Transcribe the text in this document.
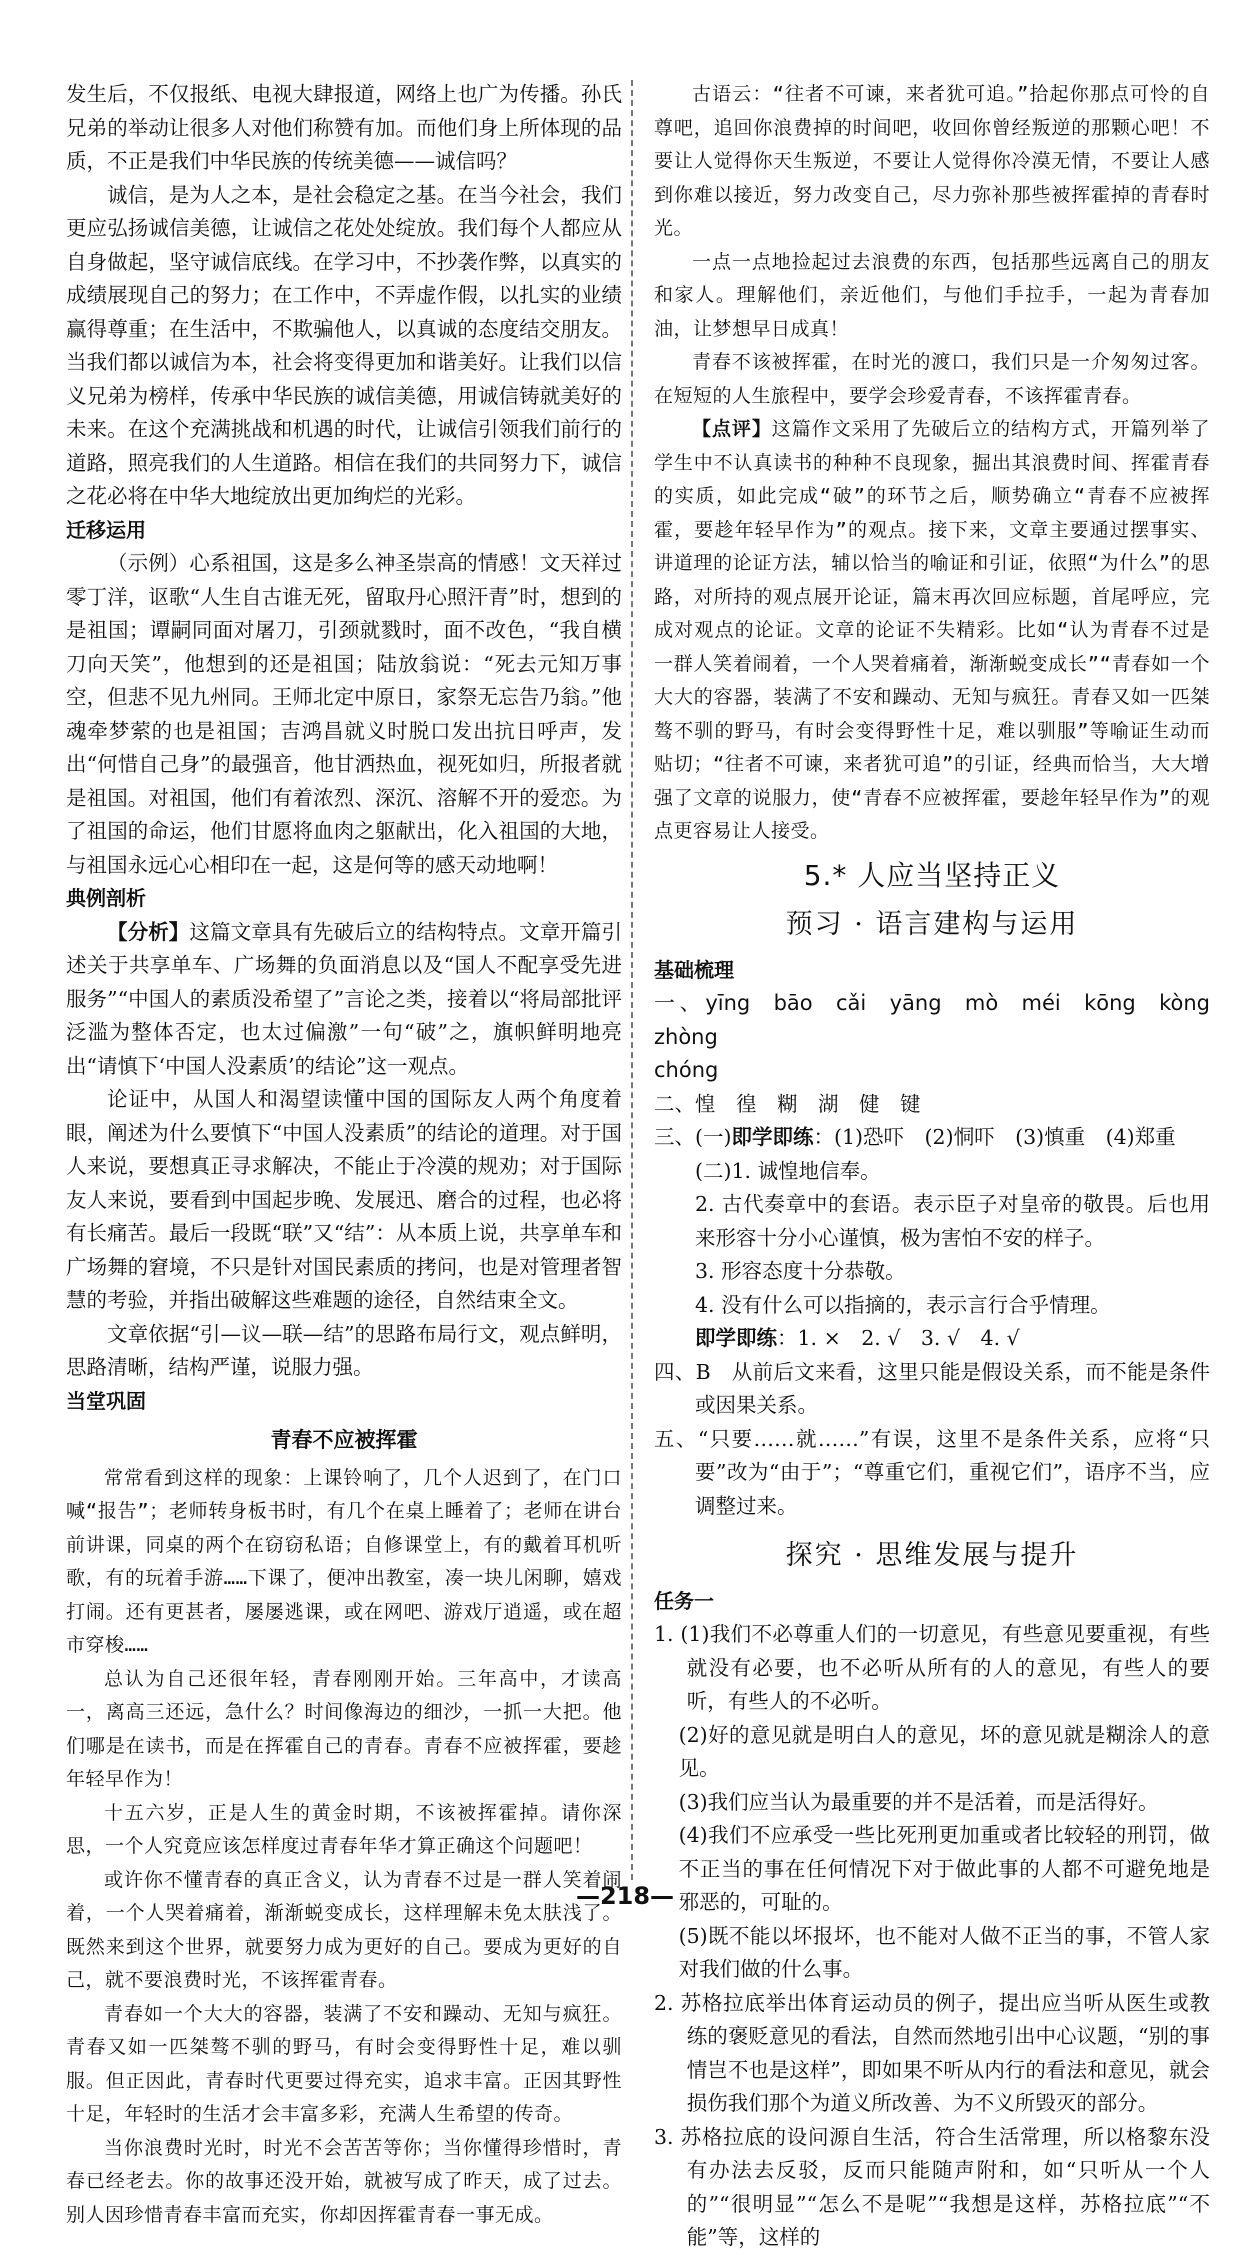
发生后，不仅报纸、电视大肆报道，网络上也广为传播。孙氏兄弟的举动让很多人对他们称赞有加。而他们身上所体现的品质，不正是我们中华民族的传统美德——诚信吗？

诚信，是为人之本，是社会稳定之基。在当今社会，我们更应弘扬诚信美德，让诚信之花处处绽放。我们每个人都应从自身做起，坚守诚信底线。在学习中，不抄袭作弊，以真实的成绩展现自己的努力；在工作中，不弄虚作假，以扎实的业绩赢得尊重；在生活中，不欺骗他人，以真诚的态度结交朋友。当我们都以诚信为本，社会将变得更加和谐美好。让我们以信义兄弟为榜样，传承中华民族的诚信美德，用诚信铸就美好的未来。在这个充满挑战和机遇的时代，让诚信引领我们前行的道路，照亮我们的人生道路。相信在我们的共同努力下，诚信之花必将在中华大地绽放出更加绚烂的光彩。

迁移运用

（示例）心系祖国，这是多么神圣崇高的情感！文天祥过零丁洋，讴歌“人生自古谁无死，留取丹心照汗青”时，想到的是祖国；谭嗣同面对屠刀，引颈就戮时，面不改色，“我自横刀向天笑”，他想到的还是祖国；陆放翁说：“死去元知万事空，但悲不见九州同。王师北定中原日，家祭无忘告乃翁。”他魂牵梦萦的也是祖国；吉鸿昌就义时脱口发出抗日呼声，发出“何惜自己身”的最强音，他甘洒热血，视死如归，所报者就是祖国。对祖国，他们有着浓烈、深沉、溶解不开的爱恋。为了祖国的命运，他们甘愿将血肉之躯献出，化入祖国的大地，与祖国永远心心相印在一起，这是何等的感天动地啊！

典例剖析

【分析】这篇文章具有先破后立的结构特点。文章开篇引述关于共享单车、广场舞的负面消息以及“国人不配享受先进服务”“中国人的素质没希望了”言论之类，接着以“将局部批评泛滥为整体否定，也太过偏激”一句“破”之，旗帜鲜明地亮出“请慎下‘中国人没素质’的结论”这一观点。

论证中，从国人和渴望读懂中国的国际友人两个角度着眼，阐述为什么要慎下“中国人没素质”的结论的道理。对于国人来说，要想真正寻求解决，不能止于冷漠的规劝；对于国际友人来说，要看到中国起步晚、发展迅、磨合的过程，也必将有长痛苦。最后一段既“联”又“结”：从本质上说，共享单车和广场舞的窘境，不只是针对国民素质的拷问，也是对管理者智慧的考验，并指出破解这些难题的途径，自然结束全文。

文章依据“引—议—联—结”的思路布局行文，观点鲜明，思路清晰，结构严谨，说服力强。

当堂巩固

青春不应被挥霍

常常看到这样的现象：上课铃响了，几个人迟到了，在门口喊“报告”；老师转身板书时，有几个在桌上睡着了；老师在讲台前讲课，同桌的两个在窃窃私语；自修课堂上，有的戴着耳机听歌，有的玩着手游……下课了，便冲出教室，凑一块儿闲聊，嬉戏打闹。还有更甚者，屡屡逃课，或在网吧、游戏厅逍遥，或在超市穿梭……

总认为自己还很年轻，青春刚刚开始。三年高中，才读高一，离高三还远，急什么？时间像海边的细沙，一抓一大把。他们哪是在读书，而是在挥霍自己的青春。青春不应被挥霍，要趁年轻早作为！

十五六岁，正是人生的黄金时期，不该被挥霍掉。请你深思，一个人究竟应该怎样度过青春年华才算正确这个问题吧！

或许你不懂青春的真正含义，认为青春不过是一群人笑着闹着，一个人哭着痛着，渐渐蜕变成长，这样理解未免太肤浅了。既然来到这个世界，就要努力成为更好的自己。要成为更好的自己，就不要浪费时光，不该挥霍青春。

青春如一个大大的容器，装满了不安和躁动、无知与疯狂。青春又如一匹桀骜不驯的野马，有时会变得野性十足，难以驯服。但正因此，青春时代更要过得充实，追求丰富。正因其野性十足，年轻时的生活才会丰富多彩，充满人生希望的传奇。

当你浪费时光时，时光不会苦苦等你；当你懂得珍惜时，青春已经老去。你的故事还没开始，就被写成了昨天，成了过去。别人因珍惜青春丰富而充实，你却因挥霍青春一事无成。

古语云：“往者不可谏，来者犹可追。”拾起你那点可怜的自尊吧，追回你浪费掉的时间吧，收回你曾经叛逆的那颗心吧！不要让人觉得你天生叛逆，不要让人觉得你冷漠无情，不要让人感到你难以接近，努力改变自己，尽力弥补那些被挥霍掉的青春时光。

一点一点地捡起过去浪费的东西，包括那些远离自己的朋友和家人。理解他们，亲近他们，与他们手拉手，一起为青春加油，让梦想早日成真！

青春不该被挥霍，在时光的渡口，我们只是一介匆匆过客。在短短的人生旅程中，要学会珍爱青春，不该挥霍青春。

【点评】这篇作文采用了先破后立的结构方式，开篇列举了学生中不认真读书的种种不良现象，掘出其浪费时间、挥霍青春的实质，如此完成“破”的环节之后，顺势确立“青春不应被挥霍，要趁年轻早作为”的观点。接下来，文章主要通过摆事实、讲道理的论证方法，辅以恰当的喻证和引证，依照“为什么”的思路，对所持的观点展开论证，篇末再次回应标题，首尾呼应，完成对观点的论证。文章的论证不失精彩。比如“认为青春不过是一群人笑着闹着，一个人哭着痛着，渐渐蜕变成长”“青春如一个大大的容器，装满了不安和躁动、无知与疯狂。青春又如一匹桀骜不驯的野马，有时会变得野性十足，难以驯服”等喻证生动而贴切；“往者不可谏，来者犹可追”的引证，经典而恰当，大大增强了文章的说服力，使“青春不应被挥霍，要趁年轻早作为”的观点更容易让人接受。

5.* 人应当坚持正义

预习 · 语言建构与运用

基础梳理

一、yīng bāo cǎi yāng mò méi kōng kòng zhòng

chóng

二、惶　徨　糊　湖　健　键

三、(一)即学即练：(1)恐吓　(2)恫吓　(3)慎重　(4)郑重

(二)1. 诚惶地信奉。

2. 古代奏章中的套语。表示臣子对皇帝的敬畏。后也用来形容十分小心谨慎，极为害怕不安的样子。

3. 形容态度十分恭敬。

4. 没有什么可以指摘的，表示言行合乎情理。

即学即练：1. ×　2. √　3. √　4. √

四、B　从前后文来看，这里只能是假设关系，而不能是条件或因果关系。

五、“只要……就……”有误，这里不是条件关系，应将“只要”改为“由于”；“尊重它们，重视它们”，语序不当，应调整过来。

探究 · 思维发展与提升

任务一

1. (1)我们不必尊重人们的一切意见，有些意见要重视，有些就没有必要，也不必听从所有的人的意见，有些人的要听，有些人的不必听。

(2)好的意见就是明白人的意见，坏的意见就是糊涂人的意见。

(3)我们应当认为最重要的并不是活着，而是活得好。

(4)我们不应承受一些比死刑更加重或者比较轻的刑罚，做不正当的事在任何情况下对于做此事的人都不可避免地是邪恶的，可耻的。

(5)既不能以坏报坏，也不能对人做不正当的事，不管人家对我们做的什么事。

2. 苏格拉底举出体育运动员的例子，提出应当听从医生或教练的褒贬意见的看法，自然而然地引出中心议题，“别的事情岂不也是这样”，即如果不听从内行的看法和意见，就会损伤我们那个为道义所改善、为不义所毁灭的部分。

3. 苏格拉底的设问源自生活，符合生活常理，所以格黎东没有办法去反驳，反而只能随声附和，如“只听从一个人的”“很明显”“怎么不是呢”“我想是这样，苏格拉底”“不能”等，这样的

—218—
